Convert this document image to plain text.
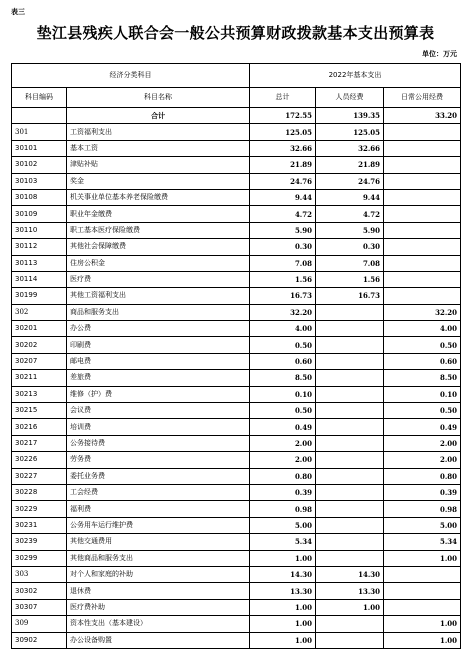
表三
垫江县残疾人联合会一般公共预算财政拨款基本支出预算表
单位：万元
经济分类科目		2022年基本支出		
科目编码	科目名称	总计	人员经费	日常公用经费
	合计	172.55	139.35	33.20
301	工资福利支出	125.05	125.05	
30101	基本工资	32.66	32.66	
30102	津贴补贴	21.89	21.89	
30103	奖金	24.76	24.76	
30108	机关事业单位基本养老保险缴费	9.44	9.44	
30109	职业年金缴费	4.72	4.72	
30110	职工基本医疗保险缴费	5.90	5.90	
30112	其他社会保障缴费	0.30	0.30	
30113	住房公积金	7.08	7.08	
30114	医疗费	1.56	1.56	
30199	其他工资福利支出	16.73	16.73	
302	商品和服务支出	32.20		32.20
30201	办公费	4.00		4.00
30202	印刷费	0.50		0.50
30207	邮电费	0.60		0.60
30211	差旅费	8.50		8.50
30213	维修（护）费	0.10		0.10
30215	会议费	0.50		0.50
30216	培训费	0.49		0.49
30217	公务接待费	2.00		2.00
30226	劳务费	2.00		2.00
30227	委托业务费	0.80		0.80
30228	工会经费	0.39		0.39
30229	福利费	0.98		0.98
30231	公务用车运行维护费	5.00		5.00
30239	其他交通费用	5.34		5.34
30299	其他商品和服务支出	1.00		1.00
303	对个人和家庭的补助	14.30	14.30	
30302	退休费	13.30	13.30	
30307	医疗费补助	1.00	1.00	
309	资本性支出（基本建设）	1.00		1.00
30902	办公设备购置	1.00		1.00
